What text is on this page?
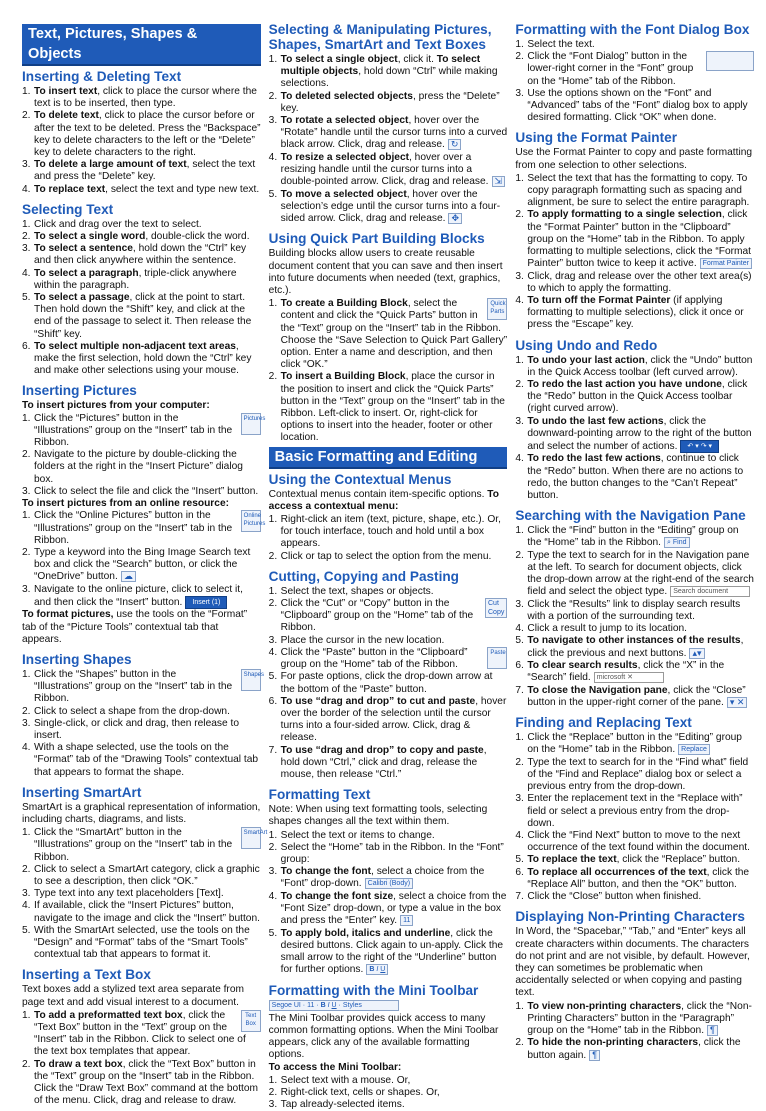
Text, Pictures, Shapes & Objects
Inserting & Deleting Text
1. To insert text, click to place the cursor where the text is to be inserted, then type.
2. To delete text, click to place the cursor before or after the text to be deleted. Press the “Backspace” key to delete characters to the left or the “Delete” key to delete characters to the right.
3. To delete a large amount of text, select the text and press the “Delete” key.
4. To replace text, select the text and type new text.
Selecting Text
1. Click and drag over the text to select.
2. To select a single word, double-click the word.
3. To select a sentence, hold down the “Ctrl” key and then click anywhere within the sentence.
4. To select a paragraph, triple-click anywhere within the paragraph.
5. To select a passage, click at the point to start. Then hold down the “Shift” key, and click at the end of the passage to select it. Then release the “Shift” key.
6. To select multiple non-adjacent text areas, make the first selection, hold down the “Ctrl” key and make other selections using your mouse.
Inserting Pictures
To insert pictures from your computer:
1.	Pictures
Click the “Pictures” button in the “Illustrations” group on the “Insert” tab in the Ribbon.
2. Navigate to the picture by double-clicking the folders at the right in the “Insert Picture” dialog box.
3. Click to select the file and click the “Insert” button.
To insert pictures from an online resource:
1.	Online Pictures
Click the “Online Pictures” button in the “Illustrations” group on the “Insert” tab in the Ribbon.
2. Type a keyword into the Bing Image Search text box and click the “Search” button, or click the “OneDrive” button. ☁
3. Navigate to the online picture, click to select it, and then click the “Insert” button. Insert (1)

To format pictures, use the tools on the “Format” tab of the “Picture Tools” contextual tab that appears.

Inserting Shapes
1.	Shapes
Click the “Shapes” button in the “Illustrations” group on the “Insert” tab in the Ribbon.
2. Click to select a shape from the drop-down.
3. Single-click, or click and drag, then release to insert.
4. With a shape selected, use the tools on the “Format” tab of the “Drawing Tools” contextual tab that appears to format the shape.
Inserting SmartArt

SmartArt is a graphical representation of information, including charts, diagrams, and lists.

1.	SmartArt
Click the “SmartArt” button in the “Illustrations” group on the “Insert” tab in the Ribbon.
2. Click to select a SmartArt category, click a graphic to see a description, then click “OK.”
3. Type text into any text placeholders [Text].
4. If available, click the “Insert Pictures” button, navigate to the image and click the “Insert” button.
5. With the SmartArt selected, use the tools on the “Design” and “Format” tabs of the “Smart Tools” contextual tab that appears to format it.
Inserting a Text Box

Text boxes add a stylized text area separate from page text and add visual interest to a document.

1.	Text Box
To add a preformatted text box, click the “Text Box” button in the “Text” group on the “Insert” tab in the Ribbon. Click to select one of the text box templates that appear.
2. To draw a text box, click the “Text Box” button in the “Text” group on the “Insert” tab in the Ribbon. Click the “Draw Text Box” command at the bottom of the menu. Click, drag and release to draw.
Selecting & Manipulating Pictures, Shapes, SmartArt and Text Boxes
1. To select a single object, click it. To select multiple objects, hold down “Ctrl” while making selections.
2. To deleted selected objects, press the “Delete” key.
3. To rotate a selected object, hover over the “Rotate” handle until the cursor turns into a curved black arrow. Click, drag and release. ↻
4. To resize a selected object, hover over a resizing handle until the cursor turns into a double-pointed arrow. Click, drag and release. ⇲
5. To move a selected object, hover over the selection’s edge until the cursor turns into a four-sided arrow. Click, drag and release. ✥
Using Quick Part Building Blocks

Building blocks allow users to create reusable document content that you can save and then insert into future documents when needed (text, graphics, etc.).

1.	Quick Parts
To create a Building Block, select the content and click the “Quick Parts” button in the “Text” group on the “Insert” tab in the Ribbon. Choose the “Save Selection to Quick Part Gallery” option. Enter a name and description, and then click “OK.”
2. To insert a Building Block, place the cursor in the position to insert and click the “Quick Parts” button in the “Text” group on the “Insert” tab in the Ribbon. Left-click to insert. Or, right-click for options to insert into the header, footer or other location.
Basic Formatting and Editing
Using the Contextual Menus

Contextual menus contain item-specific options. To access a contextual menu:

1. Right-click an item (text, picture, shape, etc.). Or, for touch interface, touch and hold until a box appears.
2. Click or tap to select the option from the menu.
Cutting, Copying and Pasting
1. Select the text, shapes or objects.
2.	Cut
Copy
Click the “Cut” or “Copy” button in the “Clipboard” group on the “Home” tab of the Ribbon.
3. Place the cursor in the new location.
4.	Paste
Click the “Paste” button in the “Clipboard” group on the “Home” tab of the Ribbon.
5. For paste options, click the drop-down arrow at the bottom of the “Paste” button.
6. To use “drag and drop” to cut and paste, hover over the border of the selection until the cursor turns into a four-sided arrow. Click, drag & release.
7. To use “drag and drop” to copy and paste, hold down “Ctrl,” click and drag, release the mouse, then release “Ctrl.”
Formatting Text

Note: When using text formatting tools, selecting shapes changes all the text within them.

1. Select the text or items to change.
2. Select the “Home” tab in the Ribbon. In the “Font” group:
3. To change the font, select a choice from the “Font” drop-down. Calibri (Body)
4. To change the font size, select a choice from the “Font Size” drop-down, or type a value in the box and press the “Enter” key. 11
5. To apply bold, italics and underline, click the desired buttons. Click again to un-apply. Click the small arrow to the right of the “Underline” button for further options. B I U
Formatting with the Mini Toolbar
Segoe UI · 11 · B I U · Styles

The Mini Toolbar provides quick access to many common formatting options. When the Mini Toolbar appears, click any of the available formatting options.

To access the Mini Toolbar:
1. Select text with a mouse. Or,
2. Right-click text, cells or shapes. Or,
3. Tap already-selected items.
Formatting with the Font Dialog Box
1. Select the text.
2. Click the “Font Dialog” button in the lower-right corner in the “Font” group on the “Home” tab of the Ribbon.
3. Use the options shown on the “Font” and “Advanced” tabs of the “Font” dialog box to apply desired formatting. Click “OK” when done.
Using the Format Painter

Use the Format Painter to copy and paste formatting from one selection to other selections.

1. Select the text that has the formatting to copy. To copy paragraph formatting such as spacing and alignment, be sure to select the entire paragraph.
2. To apply formatting to a single selection, click the “Format Painter” button in the “Clipboard” group on the “Home” tab in the Ribbon. To apply formatting to multiple selections, click the “Format Painter” button twice to keep it active. Format Painter
3. Click, drag and release over the other text area(s) to which to apply the formatting.
4. To turn off the Format Painter (if applying formatting to multiple selections), click it once or press the “Escape” key.
Using Undo and Redo
1. To undo your last action, click the “Undo” button in the Quick Access toolbar (left curved arrow).
2. To redo the last action you have undone, click the “Redo” button in the Quick Access toolbar (right curved arrow).
3. To undo the last few actions, click the downward-pointing arrow to the right of the button and select the number of actions. ↶ ▾ ↷ ▾
4. To redo the last few actions, continue to click the “Redo” button. When there are no actions to redo, the button changes to the “Can’t Repeat” button.
Searching with the Navigation Pane
1. Click the “Find” button in the “Editing” group on the “Home” tab in the Ribbon. ⌕ Find
2. Type the text to search for in the Navigation pane at the left. To search for document objects, click the drop-down arrow at the right-end of the search field and select the object type. Search document
3. Click the “Results” link to display search results with a portion of the surrounding text.
4. Click a result to jump to its location.
5. To navigate to other instances of the results, click the previous and next buttons. ▴▾
6. To clear search results, click the “X” in the “Search” field. microsoft ✕
7. To close the Navigation pane, click the “Close” button in the upper-right corner of the pane. ▾ ✕
Finding and Replacing Text
1. Click the “Replace” button in the “Editing” group on the “Home” tab in the Ribbon. Replace
2. Type the text to search for in the “Find what” field of the “Find and Replace” dialog box or select a previous entry from the drop-down.
3. Enter the replacement text in the “Replace with” field or select a previous entry from the drop-down.
4. Click the “Find Next” button to move to the next occurrence of the text found within the document.
5. To replace the text, click the “Replace” button.
6. To replace all occurrences of the text, click the “Replace All” button, and then the “OK” button.
7. Click the “Close” button when finished.
Displaying Non-Printing Characters

In Word, the “Spacebar,” “Tab,” and “Enter” keys all create characters within documents. The characters do not print and are not visible, by default. However, they can sometimes be problematic when accidentally selected or when copying and pasting text.

1. To view non-printing characters, click the “Non-Printing Characters” button in the “Paragraph” group on the “Home” tab in the Ribbon. ¶
2. To hide the non-printing characters, click the button again. ¶
